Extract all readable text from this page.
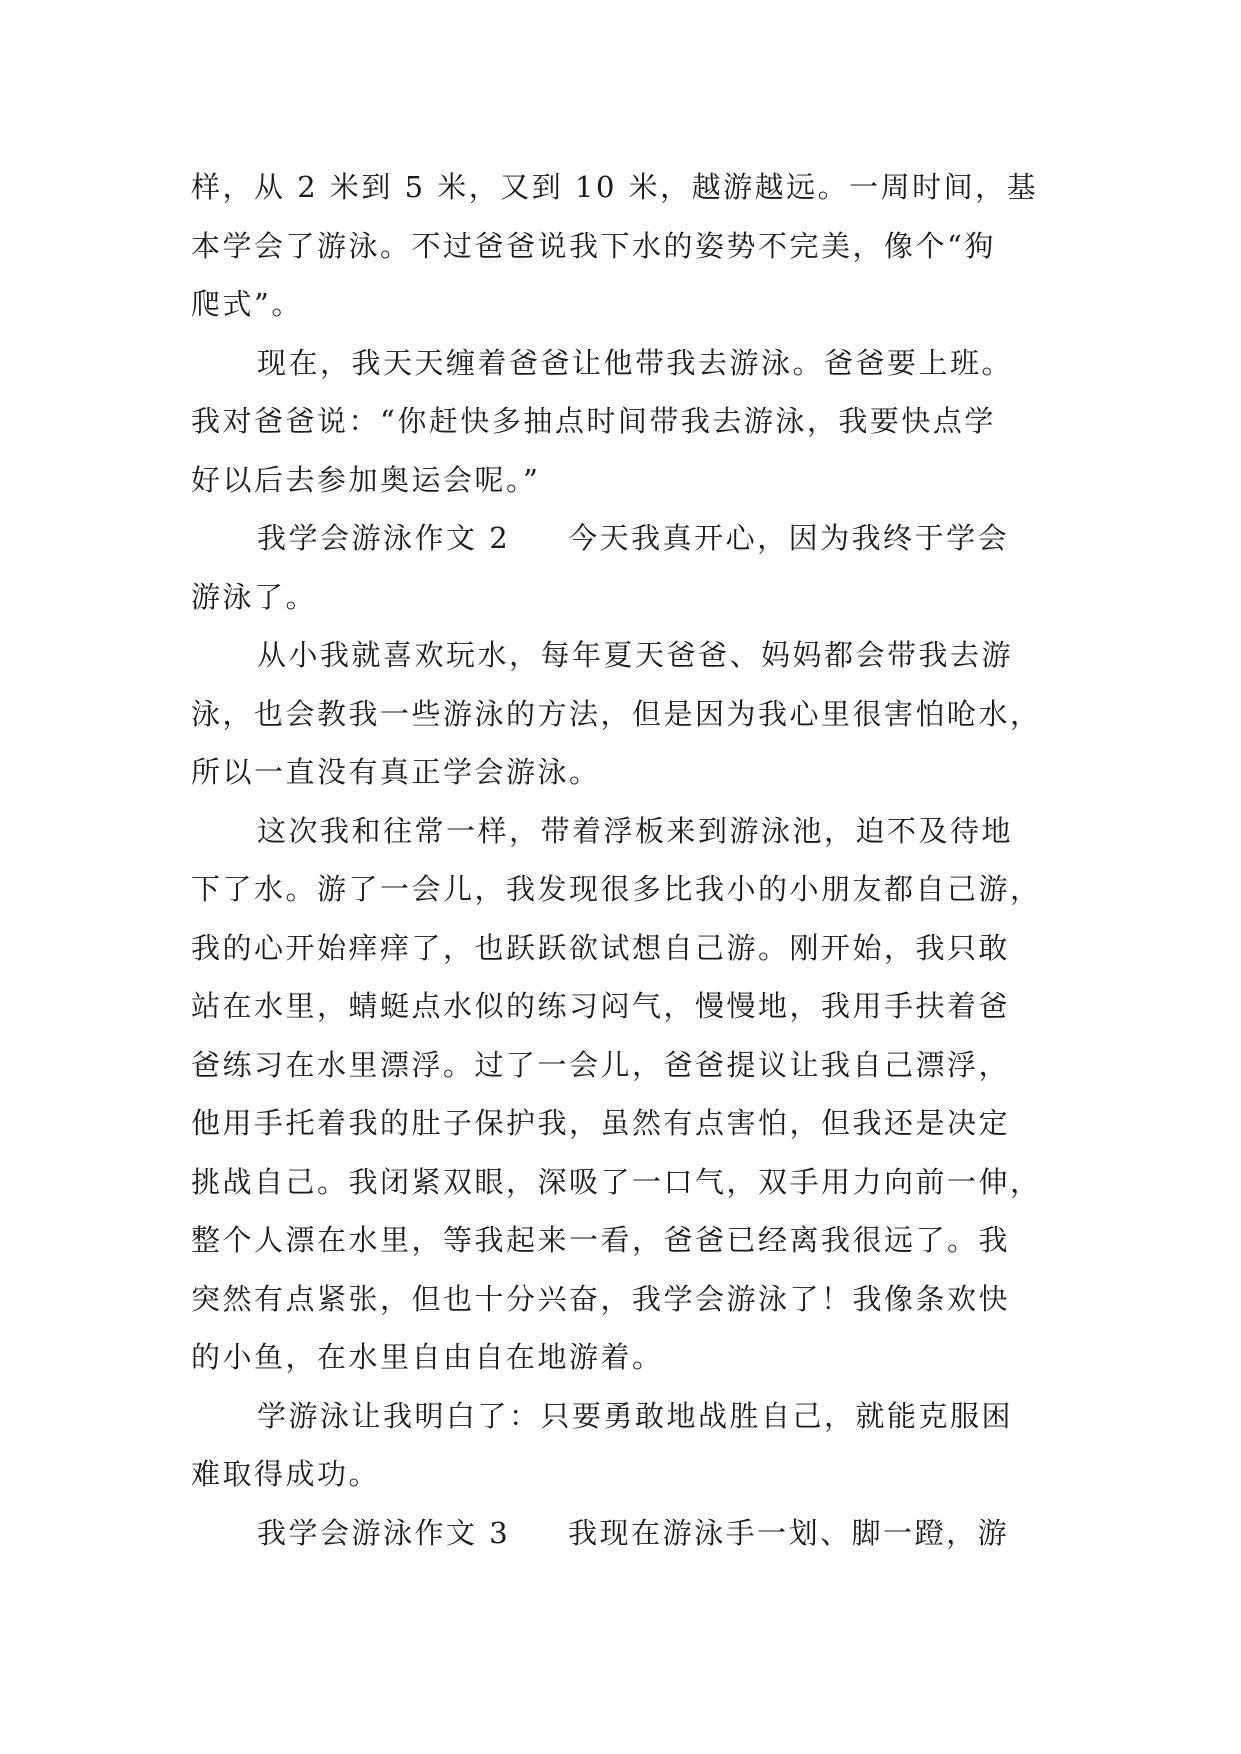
样，从 2 米到 5 米，又到 10 米，越游越远。一周时间，基
本学会了游泳。不过爸爸说我下水的姿势不完美，像个“狗
爬式”。
现在，我天天缠着爸爸让他带我去游泳。爸爸要上班。
我对爸爸说：“你赶快多抽点时间带我去游泳，我要快点学
好以后去参加奥运会呢。”
我学会游泳作文 2 今天我真开心，因为我终于学会
游泳了。
从小我就喜欢玩水，每年夏天爸爸、妈妈都会带我去游
泳，也会教我一些游泳的方法，但是因为我心里很害怕呛水，
所以一直没有真正学会游泳。
这次我和往常一样，带着浮板来到游泳池，迫不及待地
下了水。游了一会儿，我发现很多比我小的小朋友都自己游，
我的心开始痒痒了，也跃跃欲试想自己游。刚开始，我只敢
站在水里，蜻蜓点水似的练习闷气，慢慢地，我用手扶着爸
爸练习在水里漂浮。过了一会儿，爸爸提议让我自己漂浮，
他用手托着我的肚子保护我，虽然有点害怕，但我还是决定
挑战自己。我闭紧双眼，深吸了一口气，双手用力向前一伸，
整个人漂在水里，等我起来一看，爸爸已经离我很远了。我
突然有点紧张，但也十分兴奋，我学会游泳了！我像条欢快
的小鱼，在水里自由自在地游着。
学游泳让我明白了：只要勇敢地战胜自己，就能克服困
难取得成功。
我学会游泳作文 3 我现在游泳手一划、脚一蹬，游
